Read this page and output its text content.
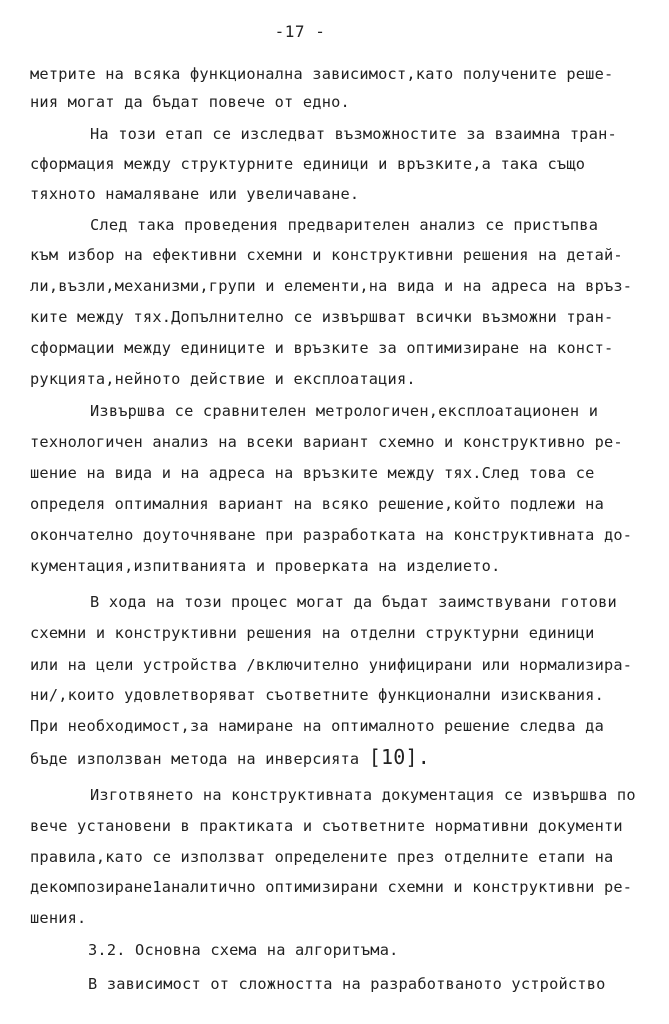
-17 -
метрите на всяка функционална зависимост,като получените реше-
ния могат да бъдат повече от едно.
На този етап се изследват възможностите за взаимна тран-
сформация между структурните единици и връзките,а така също
тяхното намаляване или увеличаване.
След така проведения предварителен анализ се пристъпва
към избор на ефективни схемни и конструктивни решения на детай-
ли,възли,механизми,групи и елементи,на вида и на адреса на връз-
ките между тях.Допълнително се извършват всички възможни тран-
сформации между единиците и връзките за оптимизиране на конст-
рукцията,нейното действие и експлоатация.
Извършва се сравнителен метрологичен,експлоатационен и
технологичен анализ на всеки вариант схемно и конструктивно ре-
шение на вида и на адреса на връзките между тях.След това се
определя оптималния вариант на всяко решение,който подлежи на
окончателно доуточняване при разработката на конструктивната до-
кументация,изпитванията и проверката на изделието.
В хода на този процес могат да бъдат заимствувани готови
схемни и конструктивни решения на отделни структурни единици
или на цели устройства /включително унифицирани или нормализира-
ни/,които удовлетворяват съответните функционални изисквания.
При необходимост,за намиране на оптималното решение следва да
бъде използван метода на инверсията [10].
Изготвянето на конструктивната документация се извършва по
вече установени в практиката и съответните нормативни документи
правила,като се използват определените през отделните етапи на
декомпозиране1аналитично оптимизирани схемни и конструктивни ре-
шения.
3.2. Основна схема на алгоритъма.
В зависимост от сложността на разработваното устройство
